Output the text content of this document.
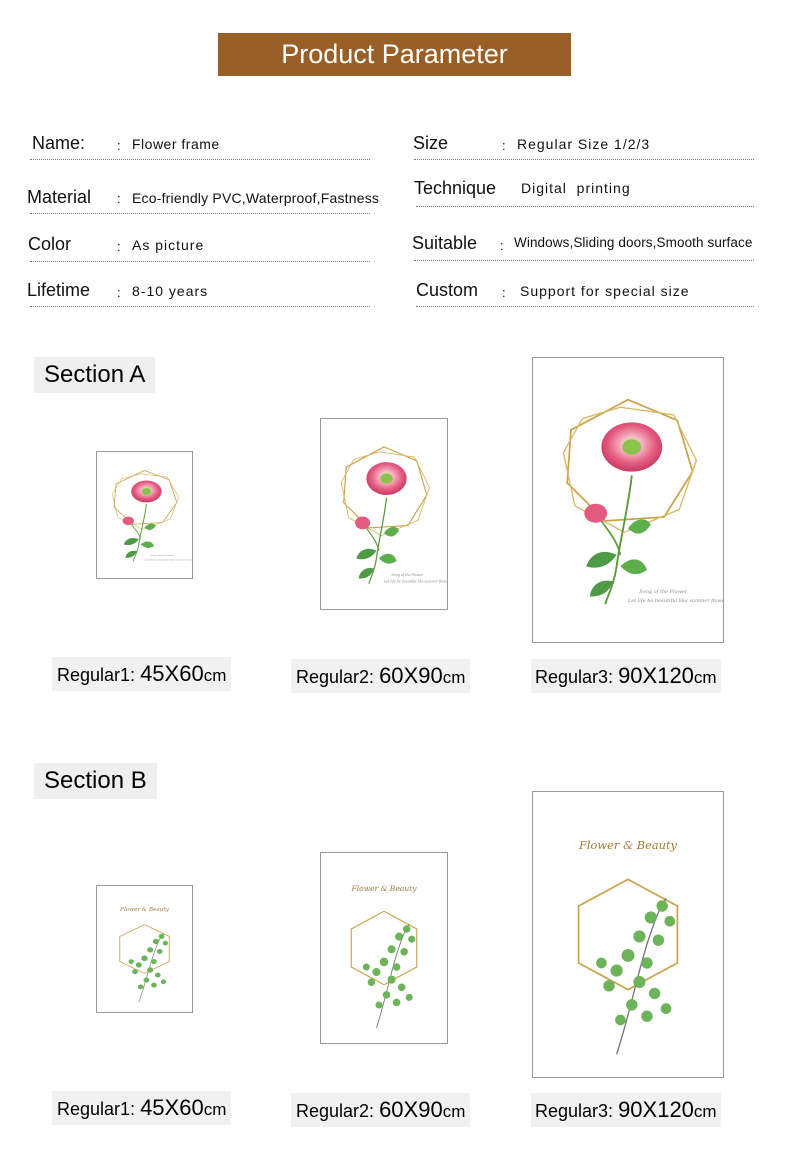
Product Parameter
Name: : Flower frame
Material : Eco-friendly PVC,Waterproof,Fastness
Color	: As picture
Lifetime : 8-10 years
Size	: Regular Size 1/2/3
Technique Digital  printing
Suitable : Windows,Sliding doors,Smooth surface
Custom : Support for special size
Section A
Regular1: 45X60cm	Regular2: 60X90cm	Regular3: 90X120cm
Section B
Flower & Beauty
Flower & Beauty
Flower & Beauty
Regular1: 45X60cm	Regular2: 60X90cm	Regular3: 90X120cm
